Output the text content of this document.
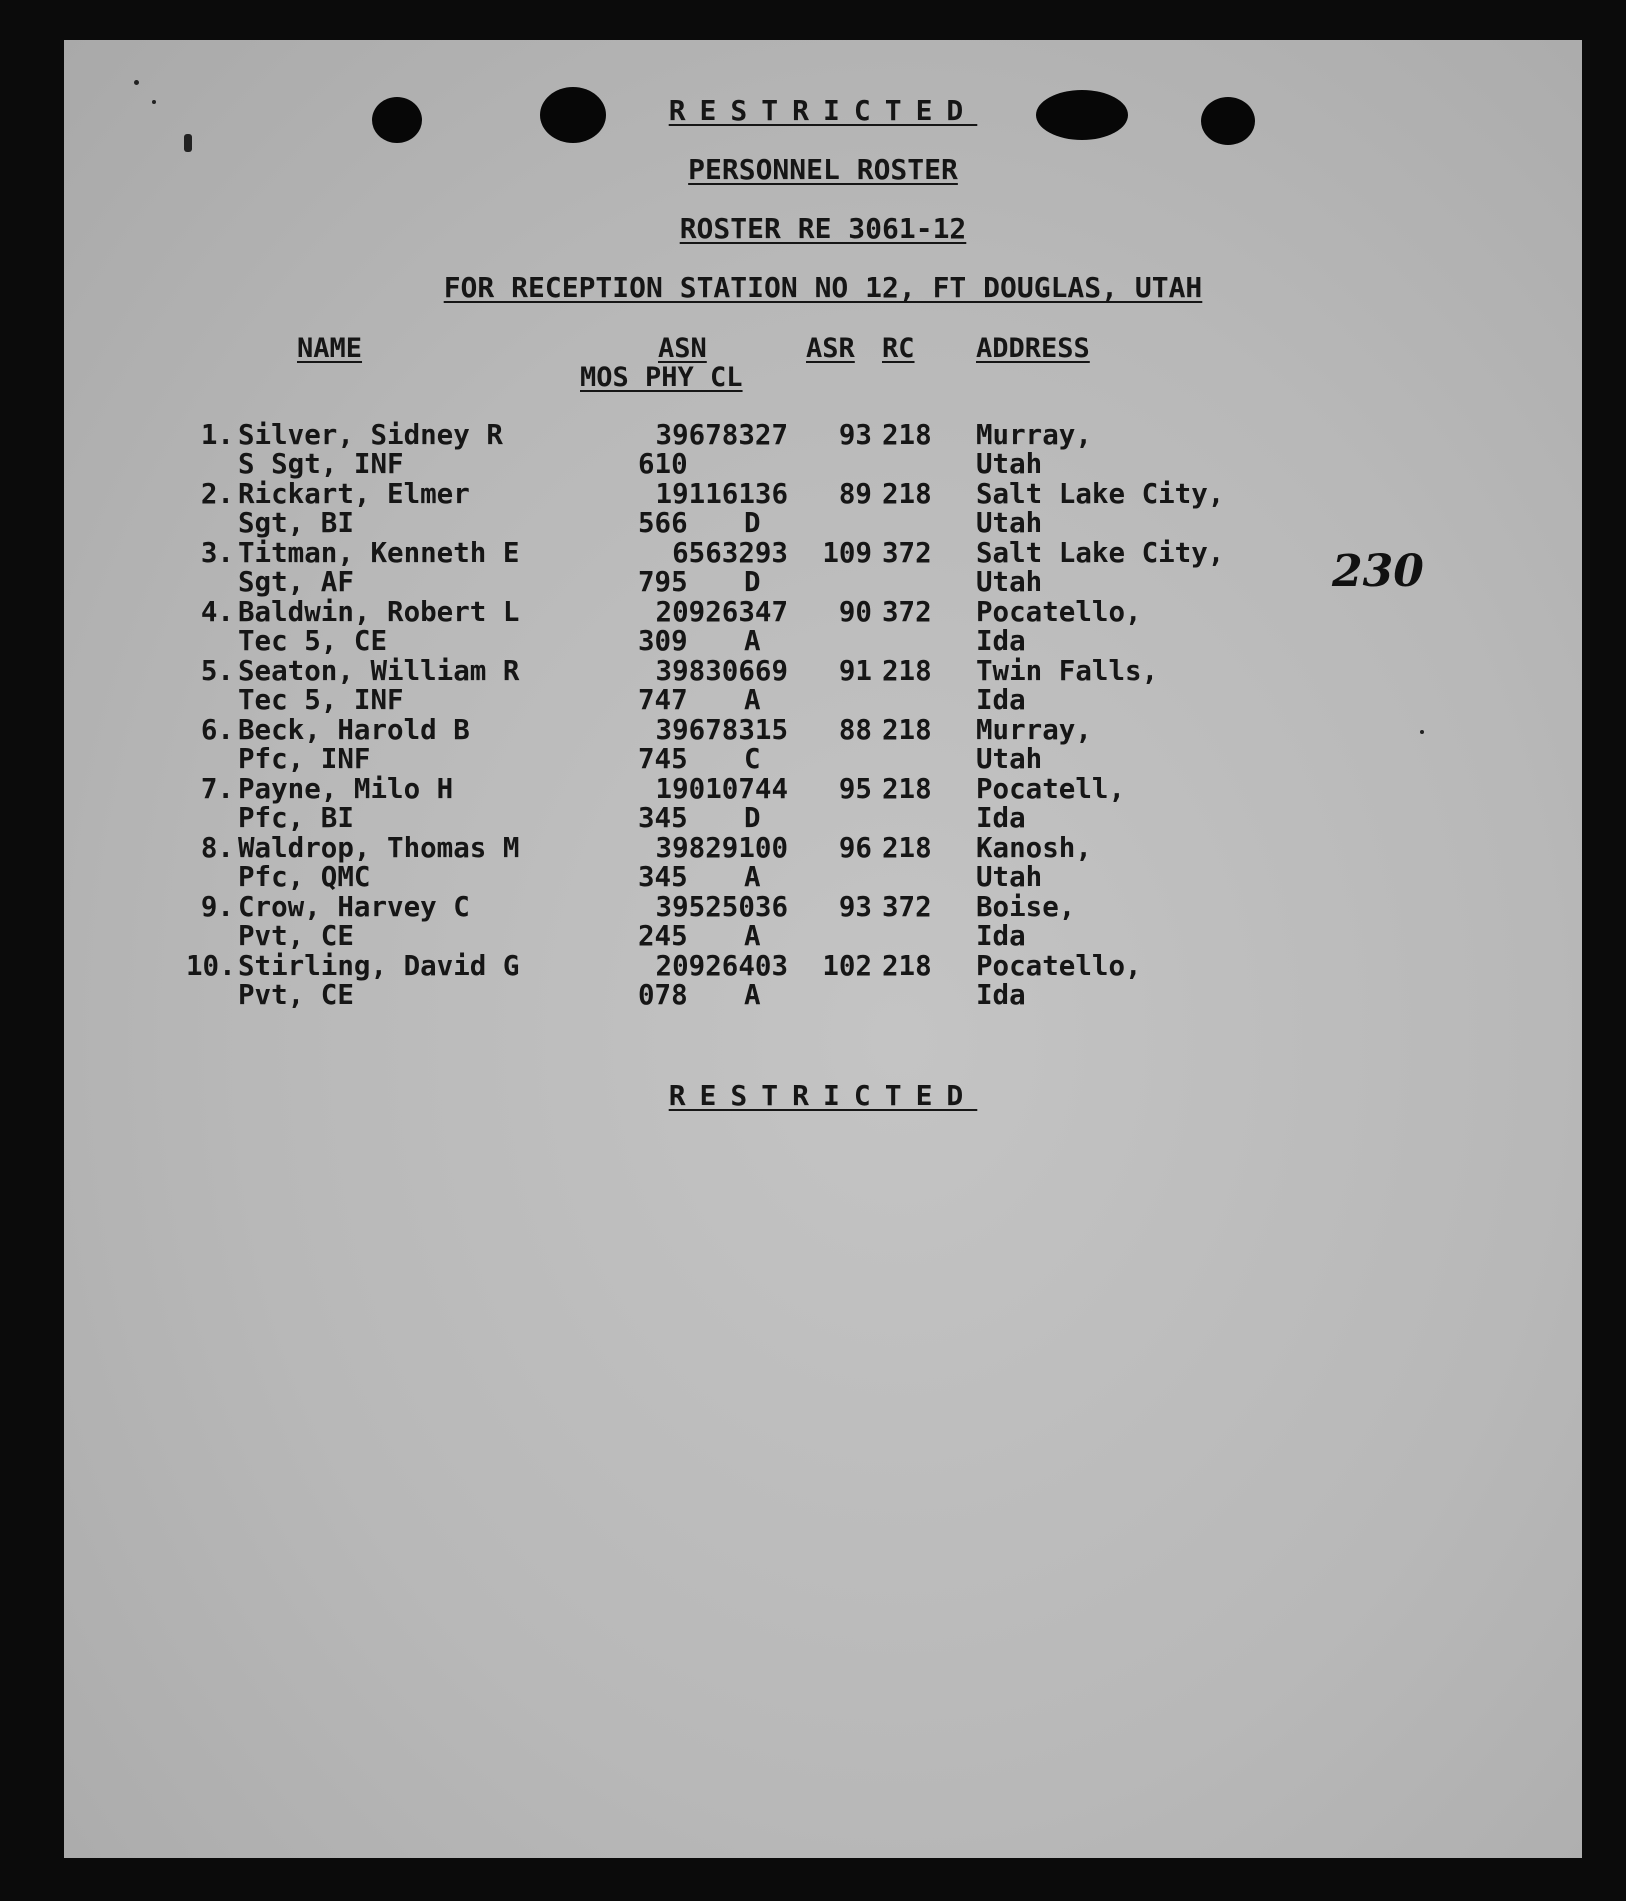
RESTRICTED
PERSONNEL ROSTER
ROSTER RE 3061-12
FOR RECEPTION STATION NO 12, FT DOUGLAS, UTAH
NAME	ASN	ASR RC ADDRESS
MOS PHY CL
1. Silver, Sidney R
S Sgt, INF
39678327
610
93 218 Murray,
Utah
2. Rickart, Elmer
Sgt, BI
19116136
566 D
89 218 Salt Lake City,
Utah
3. Titman, Kenneth E
Sgt, AF
6563293
795 D
109 372 Salt Lake City,
Utah
4. Baldwin, Robert L
Tec 5, CE
20926347
309 A
90 372 Pocatello,
Ida
5. Seaton, William R
Tec 5, INF
39830669
747 A
91 218 Twin Falls,
Ida
6. Beck, Harold B
Pfc, INF
39678315
745 C
88 218 Murray,
Utah
7. Payne, Milo H
Pfc, BI
19010744
345 D
95 218 Pocatell,
Ida
8. Waldrop, Thomas M
Pfc, QMC
39829100
345 A
96 218 Kanosh,
Utah
9. Crow, Harvey C
Pvt, CE
39525036
245 A
93 372 Boise,
Ida
10. Stirling, David G
Pvt, CE
20926403
078 A
102 218 Pocatello,
Ida
230
RESTRICTED
